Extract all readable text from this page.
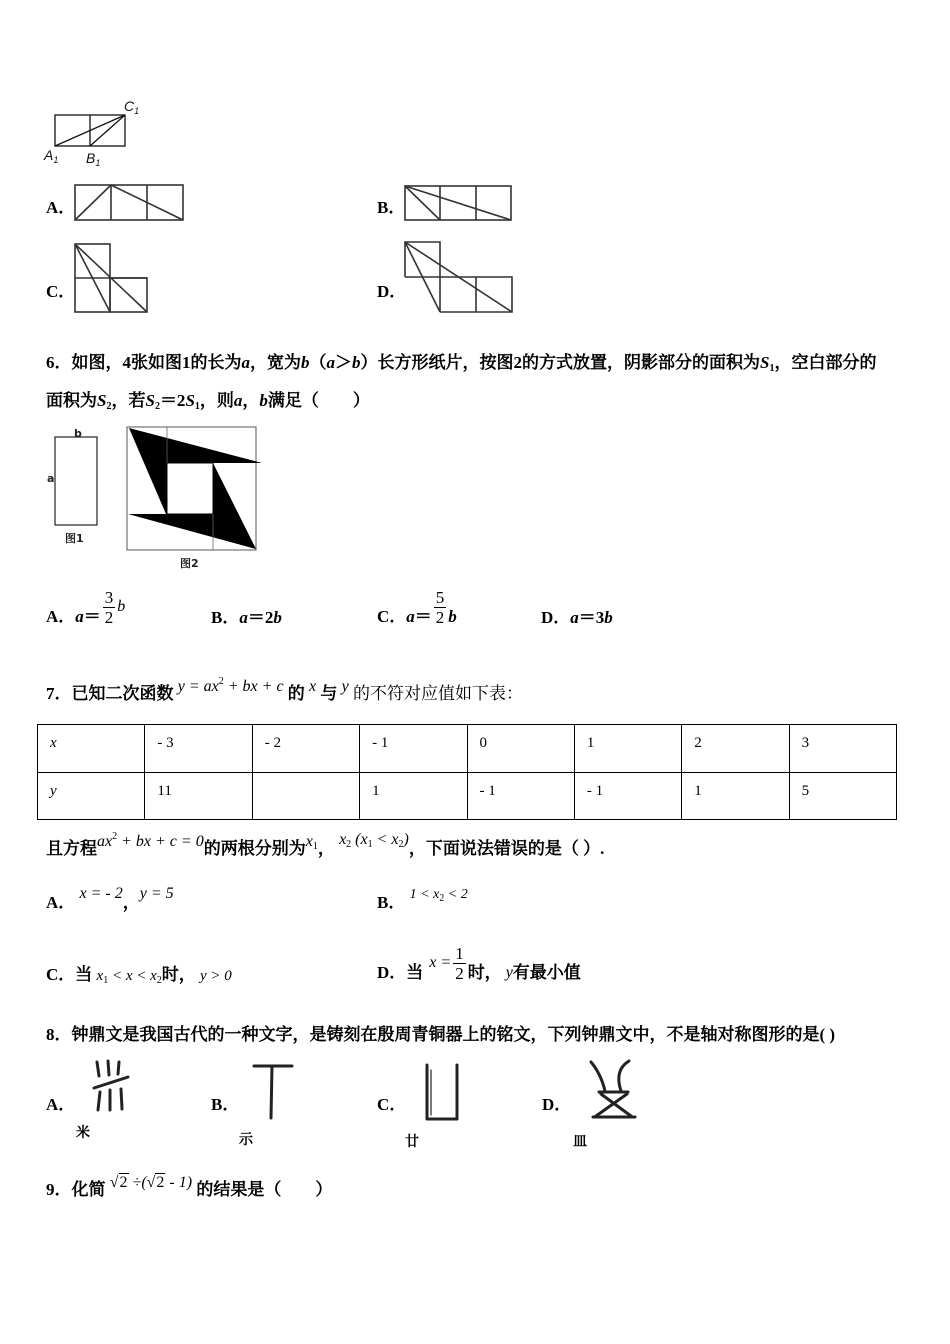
$C_1$
$A_1$ $B_1$
b
a
图1
图2
A．	B．
C．	D．
6．如图，4张如图1的长为a，宽为b（a＞b）长方形纸片，按图2的方式放置，阴影部分的面积为$S_1$，空白部分的
面积为$S_2$，若$S_2=2S_1$，则a，b满足（　　）
A． $a = \frac{3}{2}$ b
B．a＝2b	C． $a = \frac{5}{2}$ b	D．a＝3b
7．已知二次函数 $y = ax^2$ + bx + c 的 x 与 y 的不符对应值如下表：
x	- 3	- 2	- 1	0	1	2	3
y	11		1	- 1	- 1	1	5
且方程$ax^2$ + bx + c = 0的两根分别为$x_1$， $x_2$ $(x_1 < x_2)$，下面说法错误的是（ ）.
A． x = - 2，y = 5	B． $^{1 < x_2 < 2}$
C．当 $x_1 < x < x_2$时， y > 0	D． 当
$x = \frac{1}{2}$ 时， y 有最小值
8．钟鼎文是我国古代的一种文字，是铸刻在殷周青铜器上的铭文，下列钟鼎文中，不是轴对称图形的是( )
A．	B．	C．	D．
米	示	廿	皿
9．化简 √2 ÷(√2 - 1) 的结果是（　　）
